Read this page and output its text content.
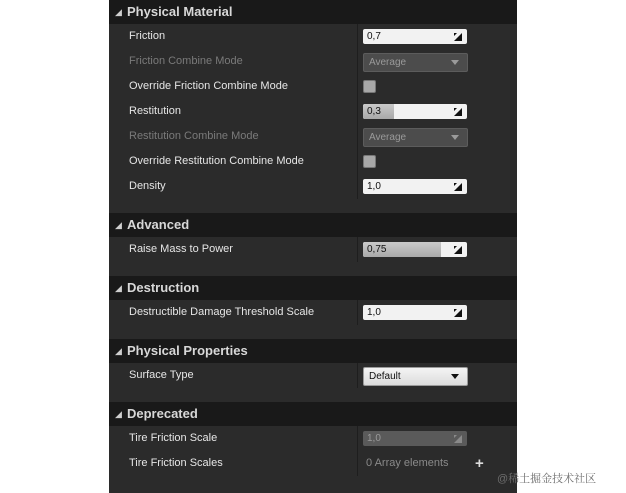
◢ Physical Material
Friction	0,7
Friction Combine Mode	Average
Override Friction Combine Mode
Restitution	0,3
Restitution Combine Mode	Average
Override Restitution Combine Mode
Density	1,0
◢ Advanced
Raise Mass to Power	0,75
◢ Destruction
Destructible Damage Threshold Scale	1,0
◢ Physical Properties
Surface Type	Default
◢ Deprecated
Tire Friction Scale	1,0
Tire Friction Scales	0 Array elements +
@稀土掘金技术社区
